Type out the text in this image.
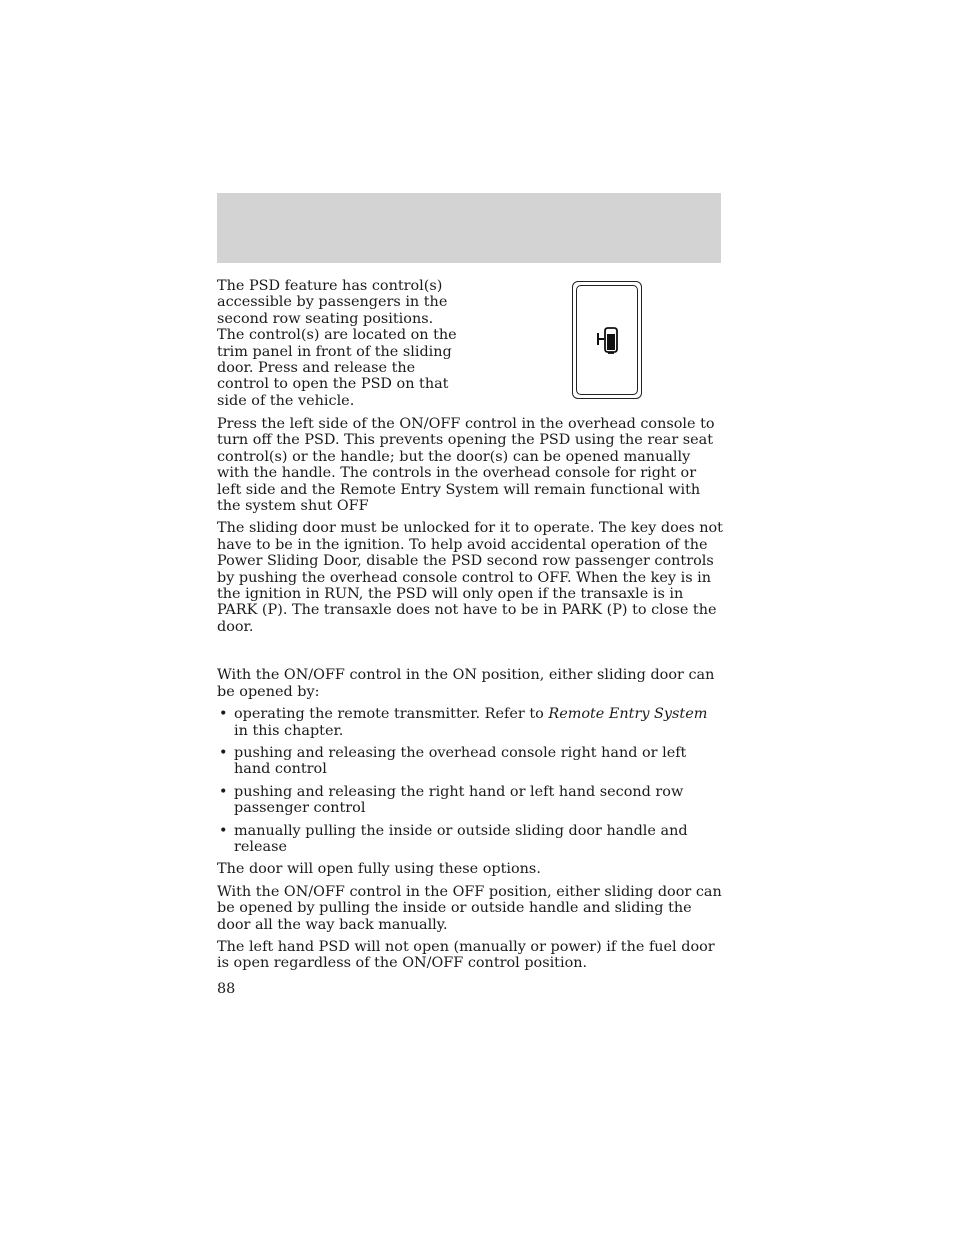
The PSD feature has control(s) accessible by passengers in the second row seating positions. The control(s) are located on the trim panel in front of the sliding door. Press and release the control to open the PSD on that side of the vehicle.

Press the left side of the ON/OFF control in the overhead console to turn off the PSD. This prevents opening the PSD using the rear seat control(s) or the handle; but the door(s) can be opened manually with the handle. The controls in the overhead console for right or left side and the Remote Entry System will remain functional with the system shut OFF

The sliding door must be unlocked for it to operate. The key does not have to be in the ignition. To help avoid accidental operation of the Power Sliding Door, disable the PSD second row passenger controls by pushing the overhead console control to OFF. When the key is in the ignition in RUN, the PSD will only open if the transaxle is in PARK (P). The transaxle does not have to be in PARK (P) to close the door.

With the ON/OFF control in the ON position, either sliding door can be opened by:

• operating the remote transmitter. Refer to Remote Entry System in this chapter.
• pushing and releasing the overhead console right hand or left hand control
• pushing and releasing the right hand or left hand second row passenger control
• manually pulling the inside or outside sliding door handle and release

The door will open fully using these options.

With the ON/OFF control in the OFF position, either sliding door can be opened by pulling the inside or outside handle and sliding the door all the way back manually.

The left hand PSD will not open (manually or power) if the fuel door is open regardless of the ON/OFF control position.

88
